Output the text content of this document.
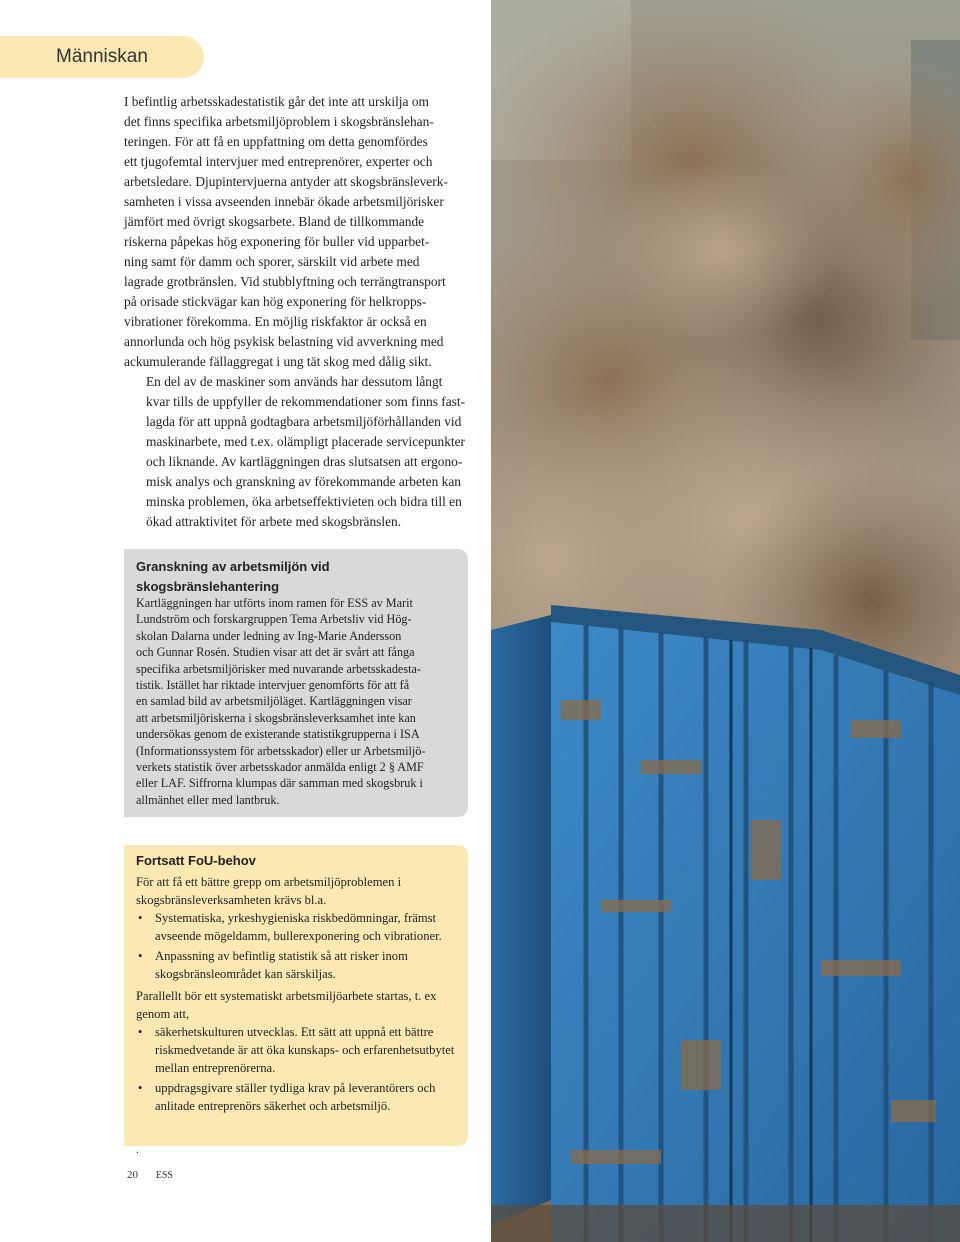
Människan

I befintlig arbetsskadestatistik går det inte att urskilja om
det finns specifika arbetsmiljöproblem i skogsbränslehan-
teringen. För att få en uppfattning om detta genomfördes
ett tjugofemtal intervjuer med entreprenörer, experter och
arbetsledare. Djupintervjuerna antyder att skogsbränsleverk-
samheten i vissa avseenden innebär ökade arbetsmiljörisker
jämfört med övrigt skogsarbete. Bland de tillkommande
riskerna påpekas hög exponering för buller vid upparbet-
ning samt för damm och sporer, särskilt vid arbete med
lagrade grotbränslen. Vid stubblyftning och terrängtransport
på orisade stickvägar kan hög exponering för helkropps-
vibrationer förekomma. En möjlig riskfaktor är också en
annorlunda och hög psykisk belastning vid avverkning med
ackumulerande fällaggregat i ung tät skog med dålig sikt.

En del av de maskiner som används har dessutom långt
kvar tills de uppfyller de rekommendationer som finns fast-
lagda för att uppnå godtagbara arbetsmiljöförhållanden vid
maskinarbete, med t.ex. olämpligt placerade servicepunkter
och liknande. Av kartläggningen dras slutsatsen att ergono-
misk analys och granskning av förekommande arbeten kan
minska problemen, öka arbetseffektivieten och bidra till en
ökad attraktivitet för arbete med skogsbränslen.

Granskning av arbetsmiljön vid
skogsbränslehantering
Kartläggningen har utförts inom ramen för ESS av Marit
Lundström och forskargruppen Tema Arbetsliv vid Hög-
skolan Dalarna under ledning av Ing-Marie Andersson
och Gunnar Rosén. Studien visar att det är svårt att fånga
specifika arbetsmiljörisker med nuvarande arbetsskadesta-
tistik. Istället har riktade intervjuer genomförts för att få
en samlad bild av arbetsmiljöläget. Kartläggningen visar
att arbetsmiljöriskerna i skogsbränsleverksamhet inte kan
undersökas genom de existerande statistikgrupperna i ISA
(Informationssystem för arbetsskador) eller ur Arbetsmiljö-
verkets statistik över arbetsskador anmälda enligt 2 § AMF
eller LAF. Siffrorna klumpas där samman med skogsbruk i
allmänhet eller med lantbruk.
Fortsatt FoU-behov

För att få ett bättre grepp om arbetsmiljöproblemen i skogsbränsleverksamheten krävs bl.a.

• Systematiska, yrkeshygieniska riskbedömningar, främst avseende mögeldamm, bullerexponering och vibrationer.
• Anpassning av befintlig statistik så att risker inom skogsbränsleområdet kan särskiljas.

Parallellt bör ett systematiskt arbetsmiljöarbete startas, t. ex genom att,

• säkerhetskulturen utvecklas. Ett sätt att uppnå ett bättre riskmedvetande är att öka kunskaps- och erfarenhetsutbytet mellan entreprenörerna.
• uppdragsgivare ställer tydliga krav på leverantörers och anlitade entreprenörs säkerhet och arbetsmiljö.
.
20 ESS
